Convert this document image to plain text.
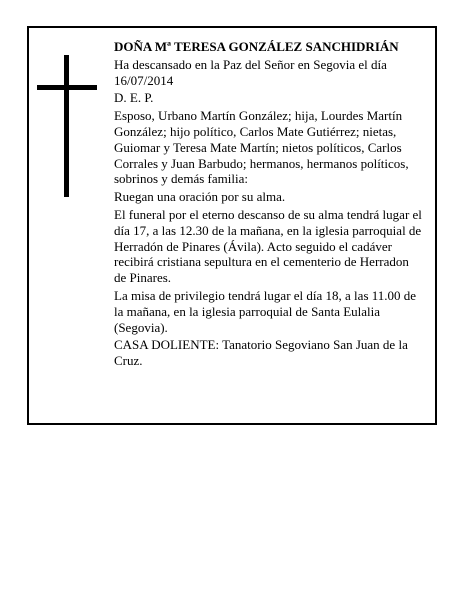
DOÑA Mª TERESA GONZÁLEZ SANCHIDRIÁN

Ha descansado en la Paz del Señor en Segovia el día 16/07/2014

D. E. P.

Esposo, Urbano Martín González; hija, Lourdes Martín González; hijo político, Carlos Mate Gutiérrez; nietas, Guiomar y Teresa Mate Martín; nietos políticos, Carlos Corrales y Juan Barbudo; hermanos, hermanos políticos, sobrinos y demás familia:

Ruegan una oración por su alma.

El funeral por el eterno descanso de su alma tendrá lugar el día 17, a las 12.30 de la mañana, en la iglesia parroquial de Herradón de Pinares (Ávila). Acto seguido el cadáver recibirá cristiana sepultura en el cementerio de Herradon de Pinares.

La misa de privilegio tendrá lugar el día 18, a las 11.00 de la mañana, en la iglesia parroquial de Santa Eulalia (Segovia).

CASA DOLIENTE: Tanatorio Segoviano San Juan de la Cruz.
